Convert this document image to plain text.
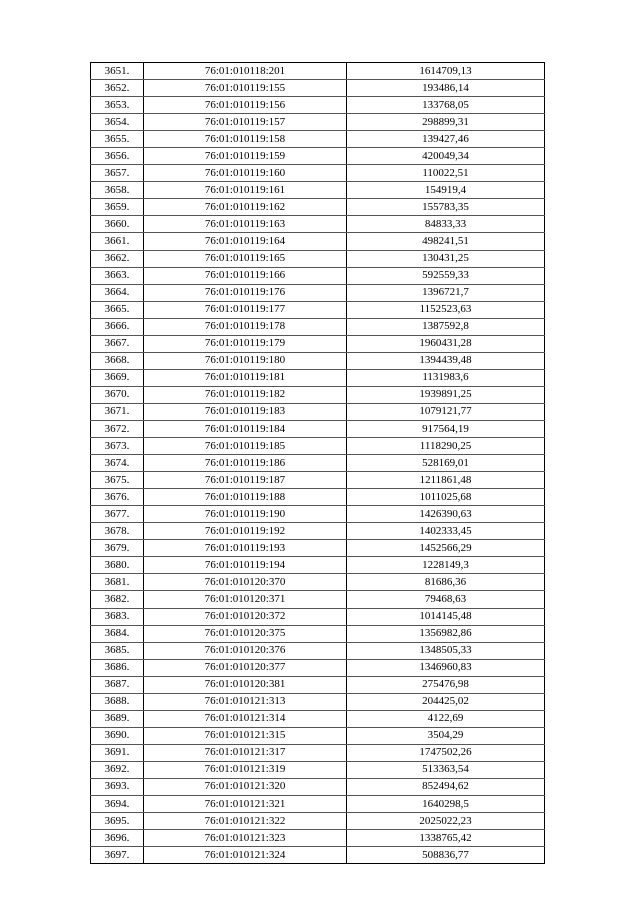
3651.	76:01:010118:201	1614709,13
3652.	76:01:010119:155	193486,14
3653.	76:01:010119:156	133768,05
3654.	76:01:010119:157	298899,31
3655.	76:01:010119:158	139427,46
3656.	76:01:010119:159	420049,34
3657.	76:01:010119:160	110022,51
3658.	76:01:010119:161	154919,4
3659.	76:01:010119:162	155783,35
3660.	76:01:010119:163	84833,33
3661.	76:01:010119:164	498241,51
3662.	76:01:010119:165	130431,25
3663.	76:01:010119:166	592559,33
3664.	76:01:010119:176	1396721,7
3665.	76:01:010119:177	1152523,63
3666.	76:01:010119:178	1387592,8
3667.	76:01:010119:179	1960431,28
3668.	76:01:010119:180	1394439,48
3669.	76:01:010119:181	1131983,6
3670.	76:01:010119:182	1939891,25
3671.	76:01:010119:183	1079121,77
3672.	76:01:010119:184	917564,19
3673.	76:01:010119:185	1118290,25
3674.	76:01:010119:186	528169,01
3675.	76:01:010119:187	1211861,48
3676.	76:01:010119:188	1011025,68
3677.	76:01:010119:190	1426390,63
3678.	76:01:010119:192	1402333,45
3679.	76:01:010119:193	1452566,29
3680.	76:01:010119:194	1228149,3
3681.	76:01:010120:370	81686,36
3682.	76:01:010120:371	79468,63
3683.	76:01:010120:372	1014145,48
3684.	76:01:010120:375	1356982,86
3685.	76:01:010120:376	1348505,33
3686.	76:01:010120:377	1346960,83
3687.	76:01:010120:381	275476,98
3688.	76:01:010121:313	204425,02
3689.	76:01:010121:314	4122,69
3690.	76:01:010121:315	3504,29
3691.	76:01:010121:317	1747502,26
3692.	76:01:010121:319	513363,54
3693.	76:01:010121:320	852494,62
3694.	76:01:010121:321	1640298,5
3695.	76:01:010121:322	2025022,23
3696.	76:01:010121:323	1338765,42
3697.	76:01:010121:324	508836,77
